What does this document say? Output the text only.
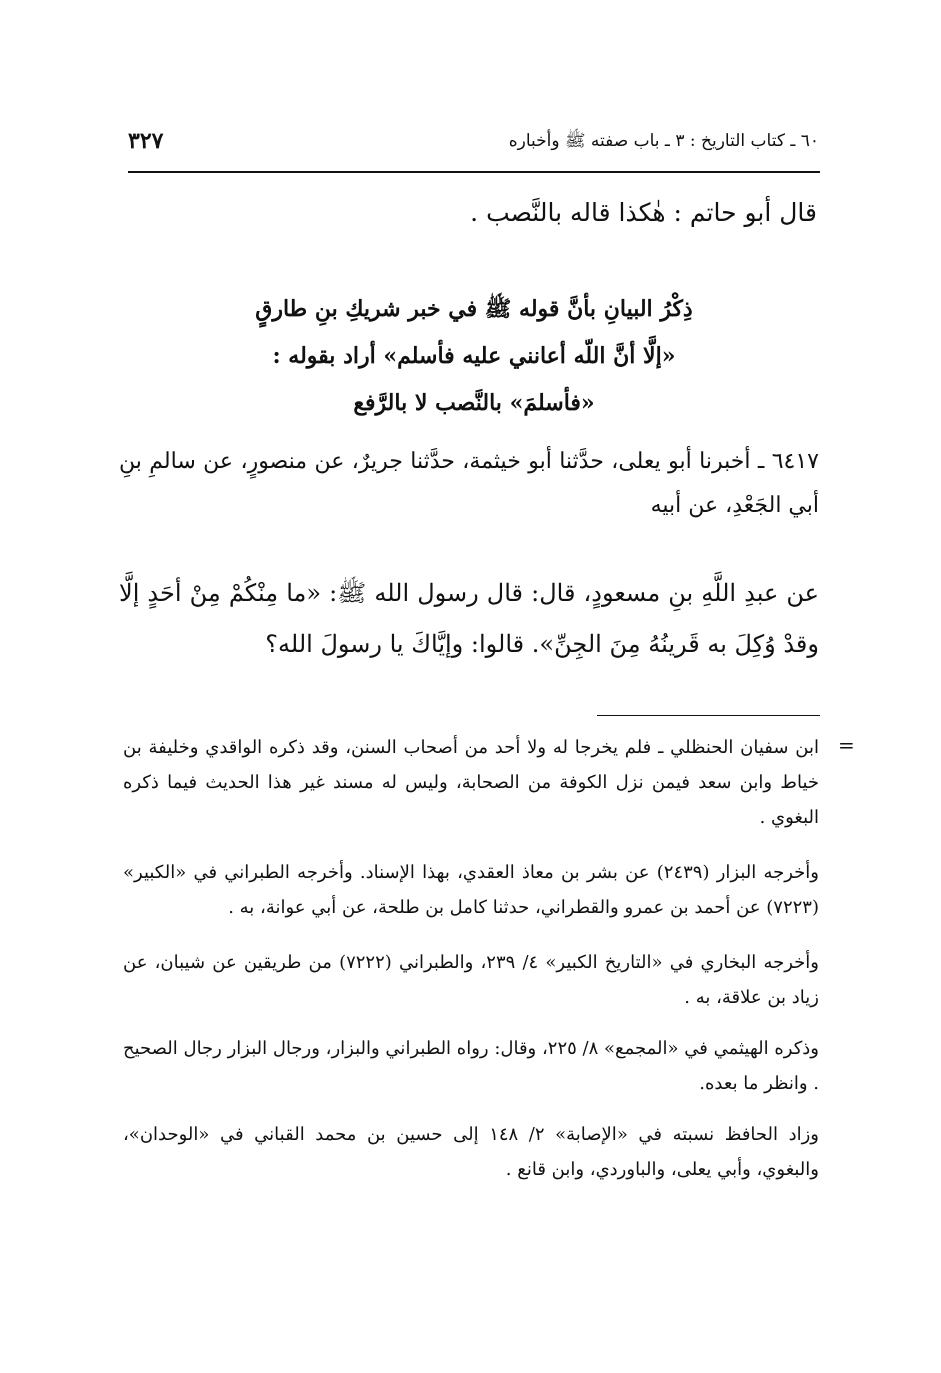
٣٢٧	٦٠ ـ كتاب التاريخ : ٣ ـ باب صفته ﷺ وأخباره
قال أبو حاتم : هٰكذا قاله بالنَّصب .
ذِكْرُ البيانِ بأنَّ قوله ﷺ في خبر شريكِ بنِ طارقٍ
«إلَّا أنَّ اللّه أعانني عليه فأسلم» أراد بقوله :
«فأسلمَ» بالنَّصب لا بالرَّفع
٦٤١٧ ـ أخبرنا أبو يعلى، حدَّثنا أبو خيثمة، حدَّثنا جريرٌ، عن منصورٍ، عن سالمِ بنِ أبي الجَعْدِ، عن أبيه
عن عبدِ اللَّهِ بنِ مسعودٍ، قال: قال رسول الله ﷺ: «ما مِنْكُمْ مِنْ أحَدٍ إلَّا وقدْ وُكِلَ به قَرينُهُ مِنَ الجِنِّ». قالوا: وإيَّاكَ يا رسولَ الله؟
=

ابن سفيان الحنظلي ـ فلم يخرجا له ولا أحد من أصحاب السنن، وقد ذكره الواقدي وخليفة بن خياط وابن سعد فيمن نزل الكوفة من الصحابة، وليس له مسند غير هذا الحديث فيما ذكره البغوي .

وأخرجه البزار (٢٤٣٩) عن بشر بن معاذ العقدي، بهذا الإسناد. وأخرجه الطبراني في «الكبير» (٧٢٢٣) عن أحمد بن عمرو والقطراني، حدثنا كامل بن طلحة، عن أبي عوانة، به .

وأخرجه البخاري في «التاريخ الكبير» ٤/ ٢٣٩، والطبراني (٧٢٢٢) من طريقين عن شيبان، عن زياد بن علاقة، به .

وذكره الهيثمي في «المجمع» ٨/ ٢٢٥، وقال: رواه الطبراني والبزار، ورجال البزار رجال الصحيح . وانظر ما بعده.

وزاد الحافظ نسبته في «الإصابة» ٢/ ١٤٨ إلى حسين بن محمد القباني في «الوحدان»، والبغوي، وأبي يعلى، والباوردي، وابن قانع .
